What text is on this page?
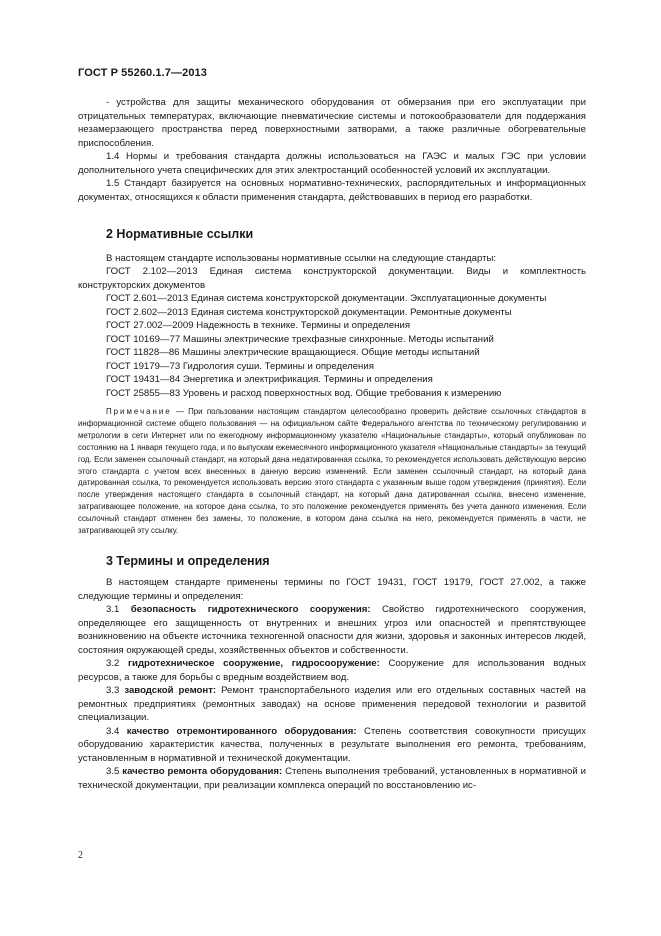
ГОСТ Р 55260.1.7—2013

- устройства для защиты механического оборудования от обмерзания при его эксплуатации при отрицательных температурах, включающие пневматические системы и потокообразователи для поддержания незамерзающего пространства перед поверхностными затворами, а также различные обогревательные приспособления.

1.4 Нормы и требования стандарта должны использоваться на ГАЭС и малых ГЭС при условии дополнительного учета специфических для этих электростанций особенностей условий их эксплуатации.

1.5 Стандарт базируется на основных нормативно-технических, распорядительных и информационных документах, относящихся к области применения стандарта, действовавших в период его разработки.

2 Нормативные ссылки

В настоящем стандарте использованы нормативные ссылки на следующие стандарты:

ГОСТ 2.102—2013 Единая система конструкторской документации. Виды и комплектность конструкторских документов
ГОСТ 2.601—2013 Единая система конструкторской документации. Эксплуатационные документы
ГОСТ 2.602—2013 Единая система конструкторской документации. Ремонтные документы
ГОСТ 27.002—2009 Надежность в технике. Термины и определения
ГОСТ 10169—77 Машины электрические трехфазные синхронные. Методы испытаний
ГОСТ 11828—86 Машины электрические вращающиеся. Общие методы испытаний
ГОСТ 19179—73 Гидрология суши. Термины и определения
ГОСТ 19431—84 Энергетика и электрификация. Термины и определения
ГОСТ 25855—83 Уровень и расход поверхностных вод. Общие требования к измерению

Примечание — При пользовании настоящим стандартом целесообразно проверить действие ссылочных стандартов в информационной системе общего пользования — на официальном сайте Федерального агентства по техническому регулированию и метрологии в сети Интернет или по ежегодному информационному указателю «Национальные стандарты», который опубликован по состоянию на 1 января текущего года, и по выпускам ежемесячного информационного указателя «Национальные стандарты» за текущий год. Если заменен ссылочный стандарт, на который дана недатированная ссылка, то рекомендуется использовать действующую версию этого стандарта с учетом всех внесенных в данную версию изменений. Если заменен ссылочный стандарт, на который дана датированная ссылка, то рекомендуется использовать версию этого стандарта с указанным выше годом утверждения (принятия). Если после утверждения настоящего стандарта в ссылочный стандарт, на который дана датированная ссылка, внесено изменение, затрагивающее положение, на которое дана ссылка, то это положение рекомендуется применять без учета данного изменения. Если ссылочный стандарт отменен без замены, то положение, в котором дана ссылка на него, рекомендуется применять в части, не затрагивающей эту ссылку.

3 Термины и определения

В настоящем стандарте применены термины по ГОСТ 19431, ГОСТ 19179, ГОСТ 27.002, а также следующие термины и определения:

3.1 безопасность гидротехнического сооружения: Свойство гидротехнического сооружения, определяющее его защищенность от внутренних и внешних угроз или опасностей и препятствующее возникновению на объекте источника техногенной опасности для жизни, здоровья и законных интересов людей, состояния окружающей среды, хозяйственных объектов и собственности.

3.2 гидротехническое сооружение, гидросооружение: Сооружение для использования водных ресурсов, а также для борьбы с вредным воздействием вод.

3.3 заводской ремонт: Ремонт транспортабельного изделия или его отдельных составных частей на ремонтных предприятиях (ремонтных заводах) на основе применения передовой технологии и развитой специализации.

3.4 качество отремонтированного оборудования: Степень соответствия совокупности присущих оборудованию характеристик качества, полученных в результате выполнения его ремонта, требованиям, установленным в нормативной и технической документации.

3.5 качество ремонта оборудования: Степень выполнения требований, установленных в нормативной и технической документации, при реализации комплекса операций по восстановлению ис-

2
